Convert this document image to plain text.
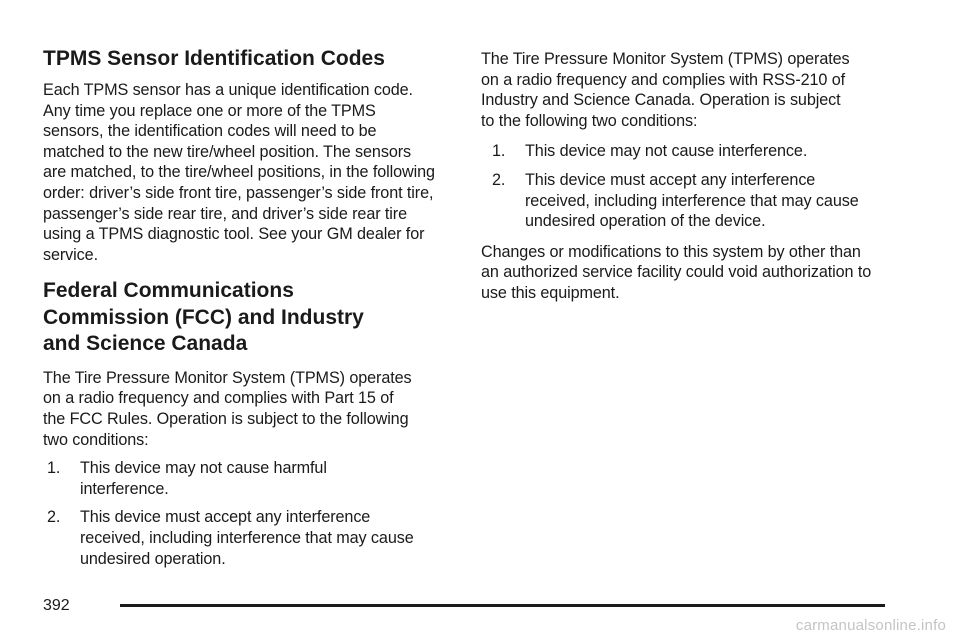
TPMS Sensor Identification Codes

Each TPMS sensor has a unique identification code. Any time you replace one or more of the TPMS sensors, the identification codes will need to be matched to the new tire/wheel position. The sensors are matched, to the tire/wheel positions, in the following order: driver’s side front tire, passenger’s side front tire, passenger’s side rear tire, and driver’s side rear tire using a TPMS diagnostic tool. See your GM dealer for service.

Federal Communications Commission (FCC) and Industry and Science Canada

The Tire Pressure Monitor System (TPMS) operates on a radio frequency and complies with Part 15 of the FCC Rules. Operation is subject to the following two conditions:

1. This device may not cause harmful interference.
2. This device must accept any interference received, including interference that may cause undesired operation.

The Tire Pressure Monitor System (TPMS) operates on a radio frequency and complies with RSS-210 of Industry and Science Canada. Operation is subject to the following two conditions:

1. This device may not cause interference.
2. This device must accept any interference received, including interference that may cause undesired operation of the device.

Changes or modifications to this system by other than an authorized service facility could void authorization to use this equipment.

392
carmanualsonline.info
